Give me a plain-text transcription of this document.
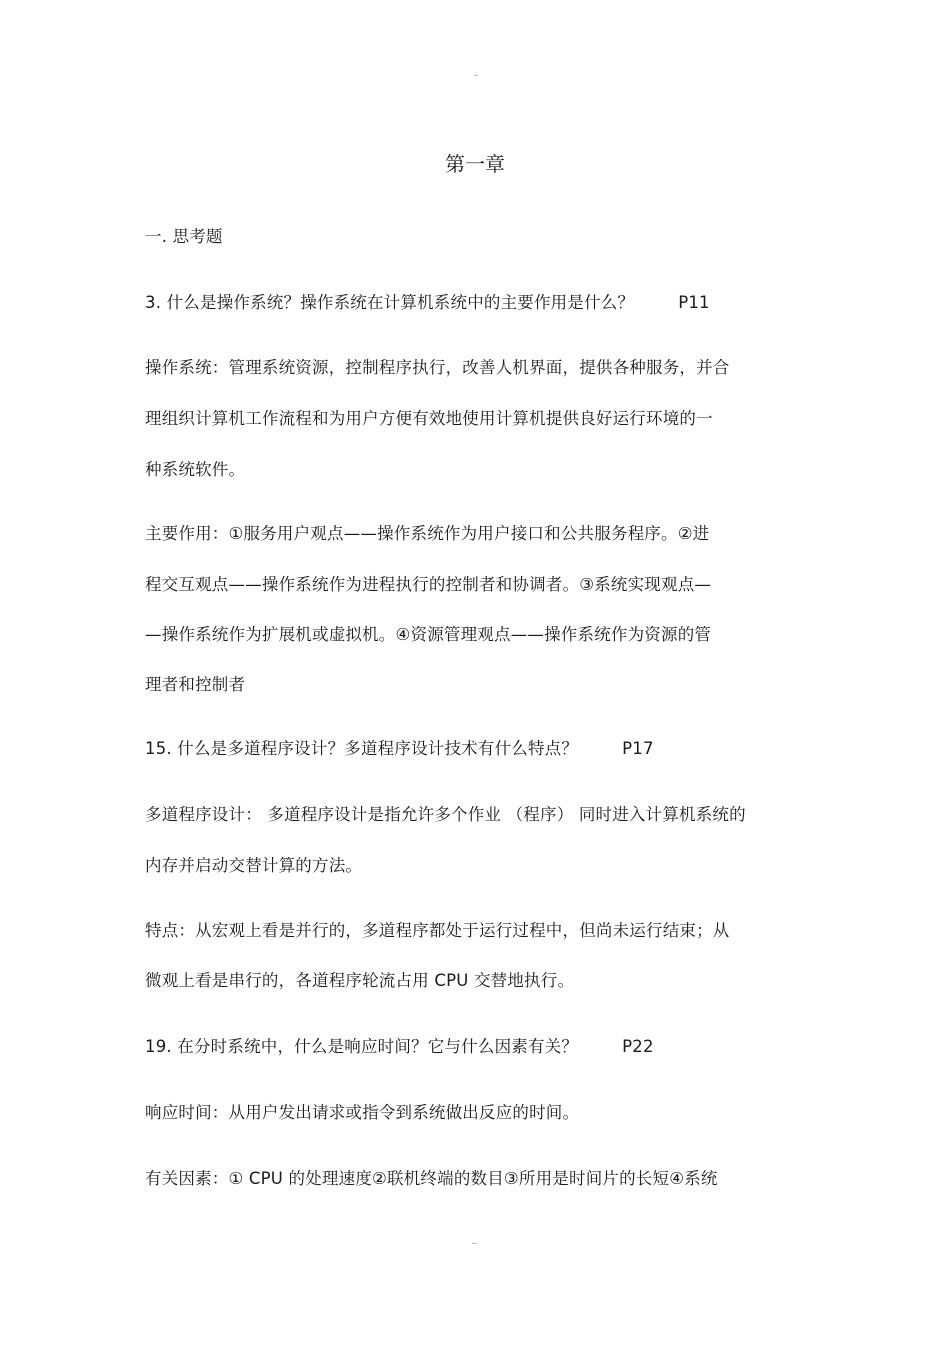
第一章
一. 思考题
3. 什么是操作系统？操作系统在计算机系统中的主要作用是什么？	P11
操作系统：管理系统资源，控制程序执行，改善人机界面，提供各种服务，并合
理组织计算机工作流程和为用户方便有效地使用计算机提供良好运行环境的一
种系统软件。
主要作用：①服务用户观点——操作系统作为用户接口和公共服务程序。②进
程交互观点——操作系统作为进程执行的控制者和协调者。③系统实现观点—
—操作系统作为扩展机或虚拟机。④资源管理观点——操作系统作为资源的管
理者和控制者
15. 什么是多道程序设计？多道程序设计技术有什么特点？	P17
多道程序设计： 多道程序设计是指允许多个作业 （程序） 同时进入计算机系统的
内存并启动交替计算的方法。
特点：从宏观上看是并行的，多道程序都处于运行过程中，但尚未运行结束；从
微观上看是串行的，各道程序轮流占用 CPU 交替地执行。
19. 在分时系统中，什么是响应时间？它与什么因素有关？	P22
响应时间：从用户发出请求或指令到系统做出反应的时间。
有关因素：① CPU 的处理速度②联机终端的数目③所用是时间片的长短④系统
